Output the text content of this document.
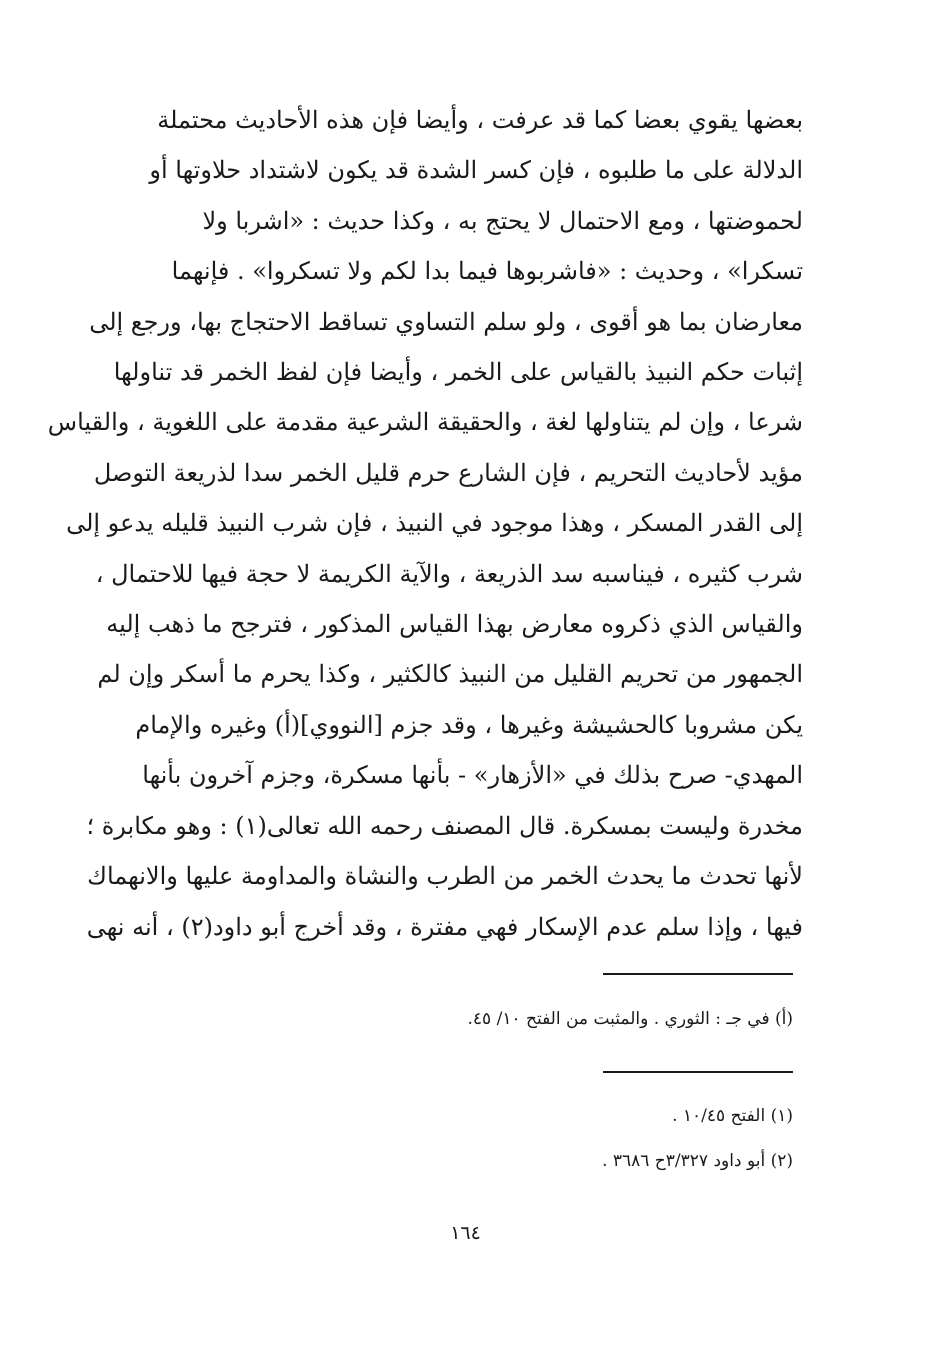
بعضها يقوي بعضا كما قد عرفت ، وأيضا فإن هذه الأحاديث محتملة
الدلالة على ما طلبوه ، فإن كسر الشدة قد يكون لاشتداد حلاوتها أو
لحموضتها ، ومع الاحتمال لا يحتج به ، وكذا حديث : «اشربا ولا
تسكرا» ، وحديث : «فاشربوها فيما بدا لكم ولا تسكروا» . فإنهما
معارضان بما هو أقوى ، ولو سلم التساوي تساقط الاحتجاج بها، ورجع إلى
إثبات حكم النبيذ بالقياس على الخمر ، وأيضا فإن لفظ الخمر قد تناولها
شرعا ، وإن لم يتناولها لغة ، والحقيقة الشرعية مقدمة على اللغوية ، والقياس
مؤيد لأحاديث التحريم ، فإن الشارع حرم قليل الخمر سدا لذريعة التوصل
إلى القدر المسكر ، وهذا موجود في النبيذ ، فإن شرب النبيذ قليله يدعو إلى
شرب كثيره ، فيناسبه سد الذريعة ، والآية الكريمة لا حجة فيها للاحتمال ،
والقياس الذي ذكروه معارض بهذا القياس المذكور ، فترجح ما ذهب إليه
الجمهور من تحريم القليل من النبيذ كالكثير ، وكذا يحرم ما أسكر وإن لم
يكن مشروبا كالحشيشة وغيرها ، وقد جزم [النووي](أ) وغيره والإمام
المهدي- صرح بذلك في «الأزهار» - بأنها مسكرة، وجزم آخرون بأنها
مخدرة وليست بمسكرة. قال المصنف رحمه الله تعالى(١) : وهو مكابرة ؛
لأنها تحدث ما يحدث الخمر من الطرب والنشاة والمداومة عليها والانهماك
فيها ، وإذا سلم عدم الإسكار فهي مفترة ، وقد أخرج أبو داود(٢) ، أنه نهى
(أ) في جـ : الثوري . والمثبت من الفتح ١٠/ ٤٥.
(١) الفتح ١٠/٤٥ .
(٢) أبو داود ٣/٣٢٧ح ٣٦٨٦ .
١٦٤
